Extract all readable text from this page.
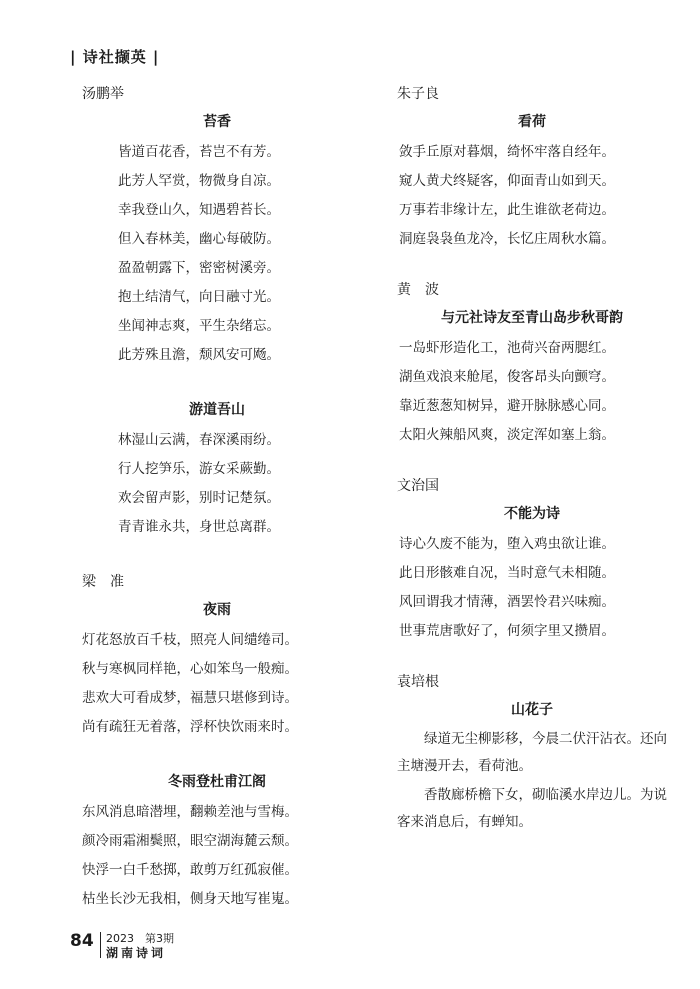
| 诗社撷英 |
汤鹏举
苔香
皆道百花香，苔岂不有芳。
此芳人罕赏，物微身自凉。
幸我登山久，知遇碧苔长。
但入春林美，幽心每破防。
盈盈朝露下，密密树溪旁。
抱土结清气，向日融寸光。
坐闻神志爽，平生杂绪忘。
此芳殊且澹，颓风安可飏。
游道吾山
林湿山云满，春深溪雨纷。
行人挖笋乐，游女采蕨勤。
欢会留声影，别时记楚氛。
青青谁永共，身世总离群。
梁　准
夜雨
灯花怒放百千枝，照亮人间缱绻司。
秋与寒枫同样艳，心如笨鸟一般痴。
悲欢大可看成梦，福慧只堪修到诗。
尚有疏狂无着落，浮杯快饮雨来时。
冬雨登杜甫江阁
东风消息暗潜埋，翻赖差池与雪梅。
颜冷雨霜湘鬓照，眼空湖海麓云颓。
快浮一白千愁掷，敢剪万红孤寂催。
枯坐长沙无我相，侧身天地写崔嵬。
朱子良
看荷
敛手丘原对暮烟，绮怀牢落自经年。
窥人黄犬终疑客，仰面青山如到天。
万事若非缘计左，此生谁欲老荷边。
洞庭袅袅鱼龙冷，长忆庄周秋水篇。
黄　波
与元社诗友至青山岛步秋哥韵
一岛虾形造化工，池荷兴奋两腮红。
湖鱼戏浪来舱尾，俊客昂头向颤穹。
靠近葱葱知树异，避开脉脉感心同。
太阳火辣船风爽，淡定浑如塞上翁。
文治国
不能为诗
诗心久废不能为，堕入鸡虫欲让谁。
此日形骸难自况，当时意气未相随。
风回谓我才情薄，酒罢怜君兴味痴。
世事荒唐歌好了，何须字里又攒眉。
袁培根
山花子

绿道无尘柳影移，今晨二伏汗沾衣。还向主塘漫开去，看荷池。

香散廊桥檐下女，砌临溪水岸边儿。为说客来消息后，有蝉知。

84 2023　第3期
湖南诗词
